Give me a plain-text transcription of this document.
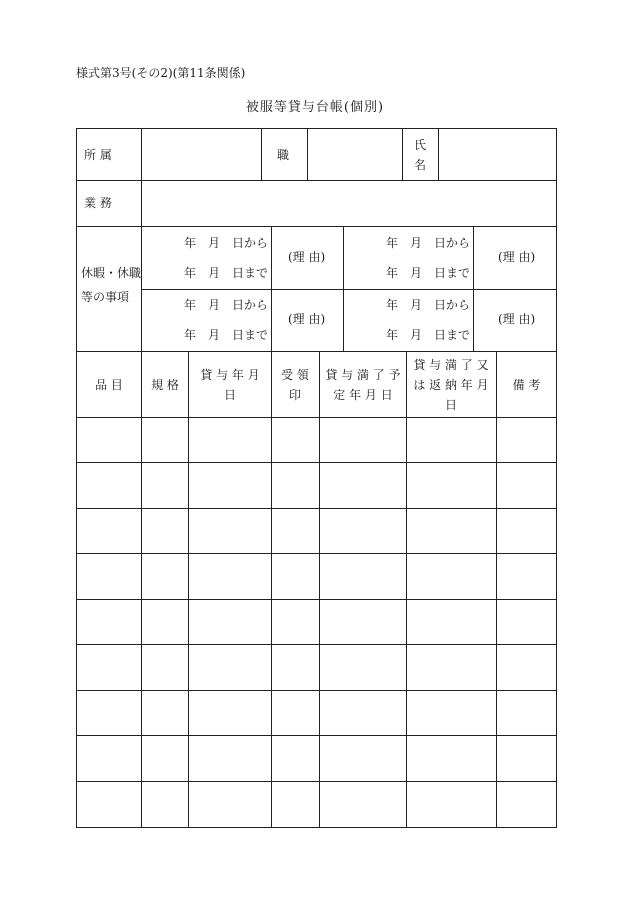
様式第3号(その2)(第11条関係)
被服等貸与台帳(個別)
所 属	職
氏
名
業 務
休暇・休職
等の事項
年　月　日から
年　月　日まで
(理 由)
年　月　日から
年　月　日まで
(理 由)
年　月　日から
年　月　日まで
(理 由)
年　月　日から
年　月　日まで
(理 由)
品 目	規 格
貸 与 年 月 日
受 領 印
貸 与 満 了 予 定 年 月 日
貸 与 満 了 又 は 返 納 年 月 日
備 考
